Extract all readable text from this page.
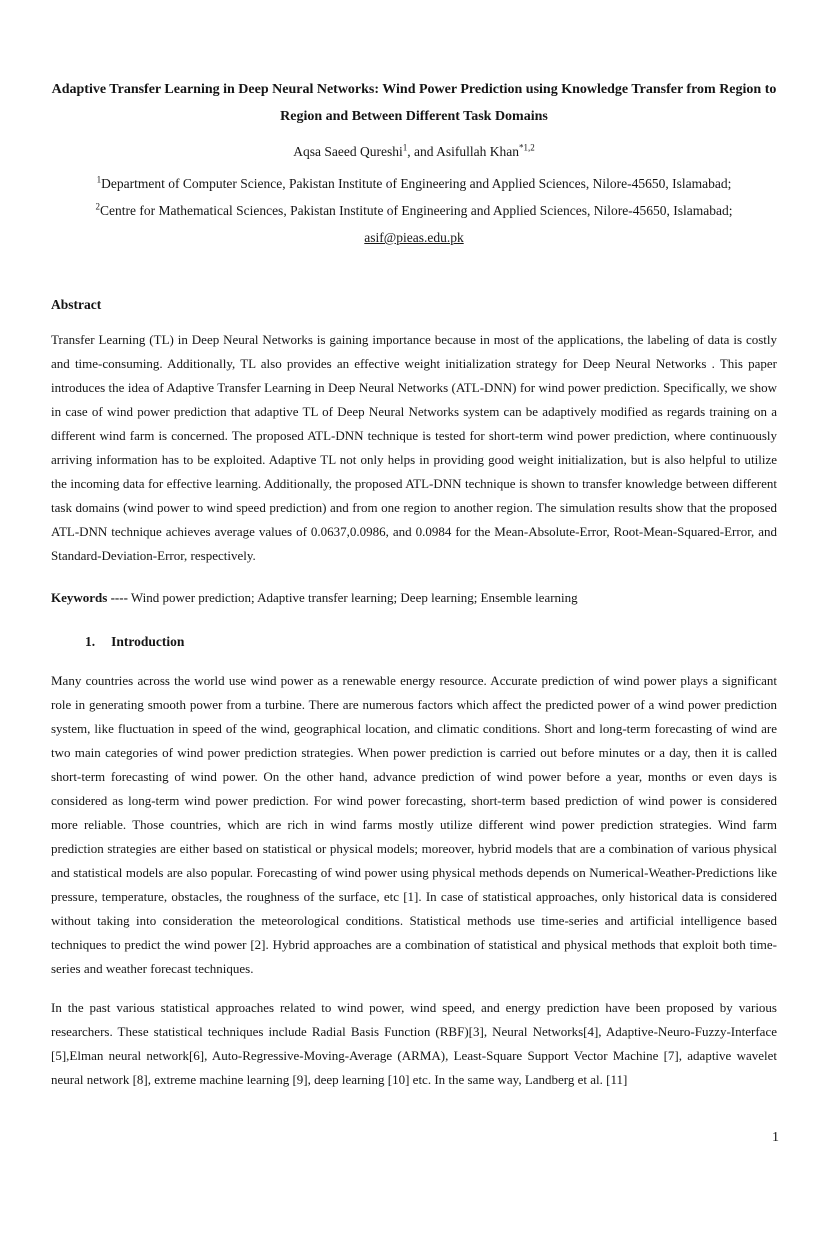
Adaptive Transfer Learning in Deep Neural Networks: Wind Power Prediction using Knowledge Transfer from Region to
Region and Between Different Task Domains
Aqsa Saeed Qureshi$^1$, and Asifullah Khan$^{*1,2}$
$^1$Department of Computer Science, Pakistan Institute of Engineering and Applied Sciences, Nilore-45650, Islamabad;
$^2$Centre for Mathematical Sciences, Pakistan Institute of Engineering and Applied Sciences, Nilore-45650, Islamabad;
asif@pieas.edu.pk
Abstract
Transfer Learning (TL) in Deep Neural Networks is gaining importance because in most of the applications, the labeling of data is costly and time-consuming. Additionally, TL also provides an effective weight initialization strategy for Deep Neural Networks . This paper introduces the idea of Adaptive Transfer Learning in Deep Neural Networks (ATL-DNN) for wind power prediction. Specifically, we show in case of wind power prediction that adaptive TL of Deep Neural Networks system can be adaptively modified as regards training on a different wind farm is concerned. The proposed ATL-DNN technique is tested for short-term wind power prediction, where continuously arriving information has to be exploited. Adaptive TL not only helps in providing good weight initialization, but is also helpful to utilize the incoming data for effective learning. Additionally, the proposed ATL-DNN technique is shown to transfer knowledge between different task domains (wind power to wind speed prediction) and from one region to another region. The simulation results show that the proposed ATL-DNN technique achieves average values of 0.0637,0.0986, and 0.0984 for the Mean-Absolute-Error, Root-Mean-Squared-Error, and Standard-Deviation-Error, respectively.
Keywords ---- Wind power prediction; Adaptive transfer learning; Deep learning; Ensemble learning
1. Introduction
Many countries across the world use wind power as a renewable energy resource. Accurate prediction of wind power plays a significant role in generating smooth power from a turbine. There are numerous factors which affect the predicted power of a wind power prediction system, like fluctuation in speed of the wind, geographical location, and climatic conditions. Short and long-term forecasting of wind are two main categories of wind power prediction strategies. When power prediction is carried out before minutes or a day, then it is called short-term forecasting of wind power. On the other hand, advance prediction of wind power before a year, months or even days is considered as long-term wind power prediction. For wind power forecasting, short-term based prediction of wind power is considered more reliable. Those countries, which are rich in wind farms mostly utilize different wind power prediction strategies. Wind farm prediction strategies are either based on statistical or physical models; moreover, hybrid models that are a combination of various physical and statistical models are also popular. Forecasting of wind power using physical methods depends on Numerical-Weather-Predictions like pressure, temperature, obstacles, the roughness of the surface, etc [1]. In case of statistical approaches, only historical data is considered without taking into consideration the meteorological conditions. Statistical methods use time-series and artificial intelligence based techniques to predict the wind power [2]. Hybrid approaches are a combination of statistical and physical methods that exploit both time-series and weather forecast techniques.
In the past various statistical approaches related to wind power, wind speed, and energy prediction have been proposed by various researchers. These statistical techniques include Radial Basis Function (RBF)[3], Neural Networks[4], Adaptive-Neuro-Fuzzy-Interface [5],Elman neural network[6], Auto-Regressive-Moving-Average (ARMA), Least-Square Support Vector Machine [7], adaptive wavelet neural network [8], extreme machine learning [9], deep learning [10] etc. In the same way, Landberg et al. [11]
1
